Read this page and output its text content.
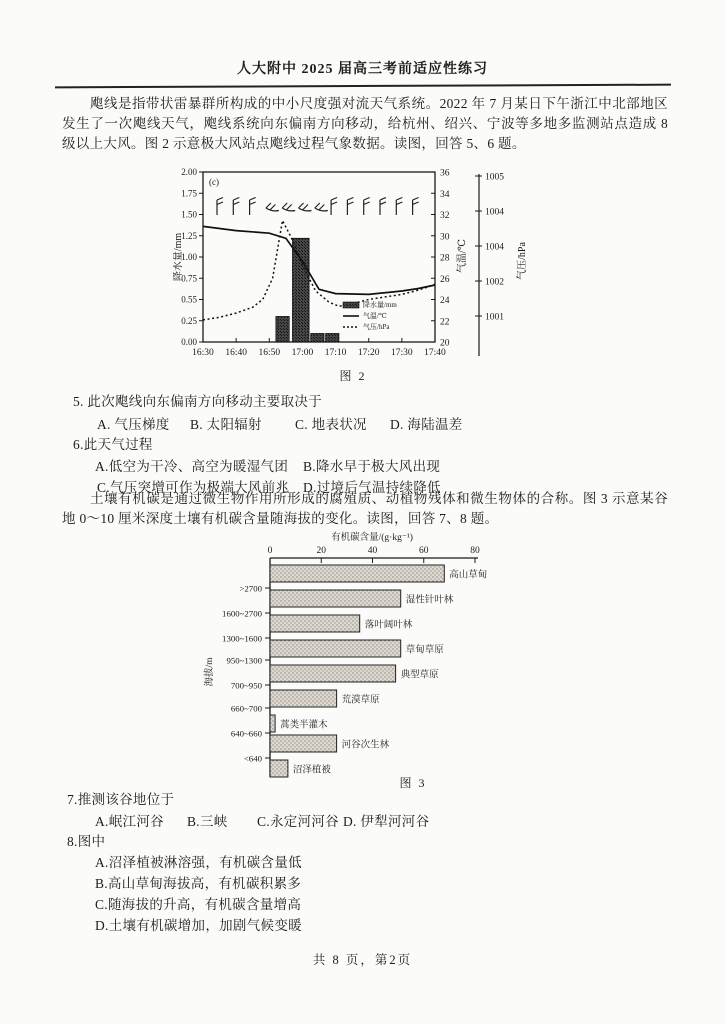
人大附中 2025 届高三考前适应性练习
飑线是指带状雷暴群所构成的中小尺度强对流天气系统。2022 年 7 月某日下午浙江中北部地区发生了一次飑线天气，飑线系统向东偏南方向移动，给杭州、绍兴、宁波等多地多监测站点造成 8 级以上大风。图 2 示意极大风站点飑线过程气象数据。读图，回答 5、6 题。
2.00
1.75
1.50
1.25
1.00
0.75
0.55
0.25
0.00
降水量/mm
16:30 16:40 16:50 17:00 17:10 17:20 17:30 17:40
(c)
降水量/mm
气温/℃
气压/hPa
36
34
32
30
28
26
24
22
20
气温/℃
1005
1004
1004
1002
1001
气压/hPa
图 2
5. 此次飑线向东偏南方向移动主要取决于
A. 气压梯度 B. 太阳辐射 C. 地表状况 D. 海陆温差
6.此天气过程
A.低空为干冷、高空为暖湿气团 B.降水早于极大风出现
C.气压突增可作为极端大风前兆 D.过境后气温持续降低
土壤有机碳是通过微生物作用所形成的腐殖质、动植物残体和微生物体的合称。图 3 示意某谷地 0～10 厘米深度土壤有机碳含量随海拔的变化。读图，回答 7、8 题。
有机碳含量/(g·kg⁻¹)
0	20	40	60	80
>2700
1600~2700
1300~1600
950~1300
700~950
660~700
640~660
<640
海拔/m
高山草甸
湿性针叶林
落叶阔叶林
草甸草原
典型草原
荒漠草原
蒿类半灌木
河谷次生林
沼泽植被
图 3
7.推测该谷地位于
A.岷江河谷 B.三峡 C.永定河河谷 D. 伊犁河河谷
8.图中
A.沼泽植被淋溶强，有机碳含量低
B.高山草甸海拔高，有机碳积累多
C.随海拔的升高，有机碳含量增高
D.土壤有机碳增加，加剧气候变暖
共 8 页，第2页
